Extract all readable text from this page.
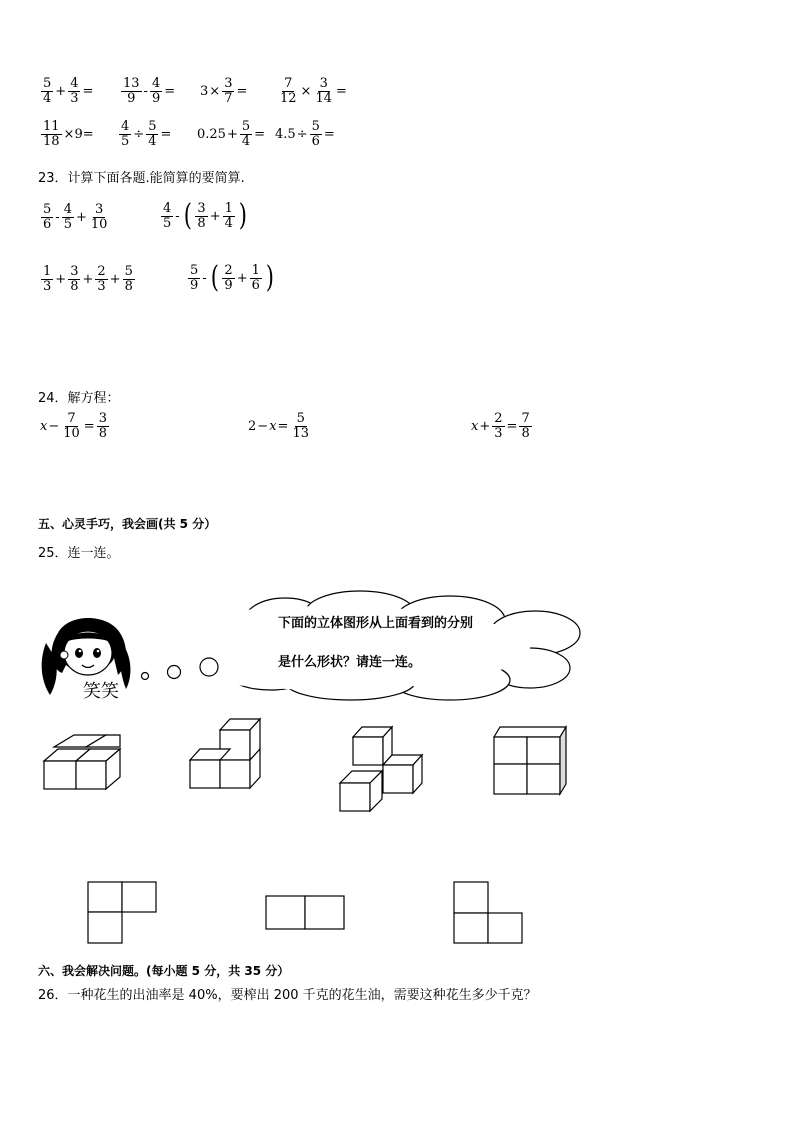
$\frac{5}{4} + \frac{4}{3} = \frac{13}{9} - \frac{4}{9} = 3 \times \frac{3}{7} = \frac{7}{12} \times \frac{3}{14}$ =
$\frac{11}{18} \times 9= \frac{4}{5} \div \frac{5}{4} = 0.25 + \frac{5}{4} = 4.5 \div \frac{5}{6}$ =
23．计算下面各题.能简算的要简算.
$\frac{5}{6} - \frac{4}{5} + \frac{3}{10}$	$\frac{4}{5}$ - ( $\frac{3}{8} + \frac{1}{4}$ )
$\frac{1}{3} + \frac{3}{8} + \frac{2}{3} + \frac{5}{8}$	$\frac{5}{9}$ - ( $\frac{2}{9} + \frac{1}{6}$ )
24．解方程：
$x - \frac{7}{10} = \frac{3}{8}$	$2 - x = \frac{5}{13}$	$x + \frac{2}{3} = \frac{7}{8}$
五、心灵手巧，我会画(共 5 分）
25．连一连。
下面的立体图形从上面看到的分别
是什么形状？请连一连。
笑笑
六、我会解决问题。(每小题 5 分，共 35 分）
26．一种花生的出油率是 40%，要榨出 200 千克的花生油，需要这种花生多少千克？
